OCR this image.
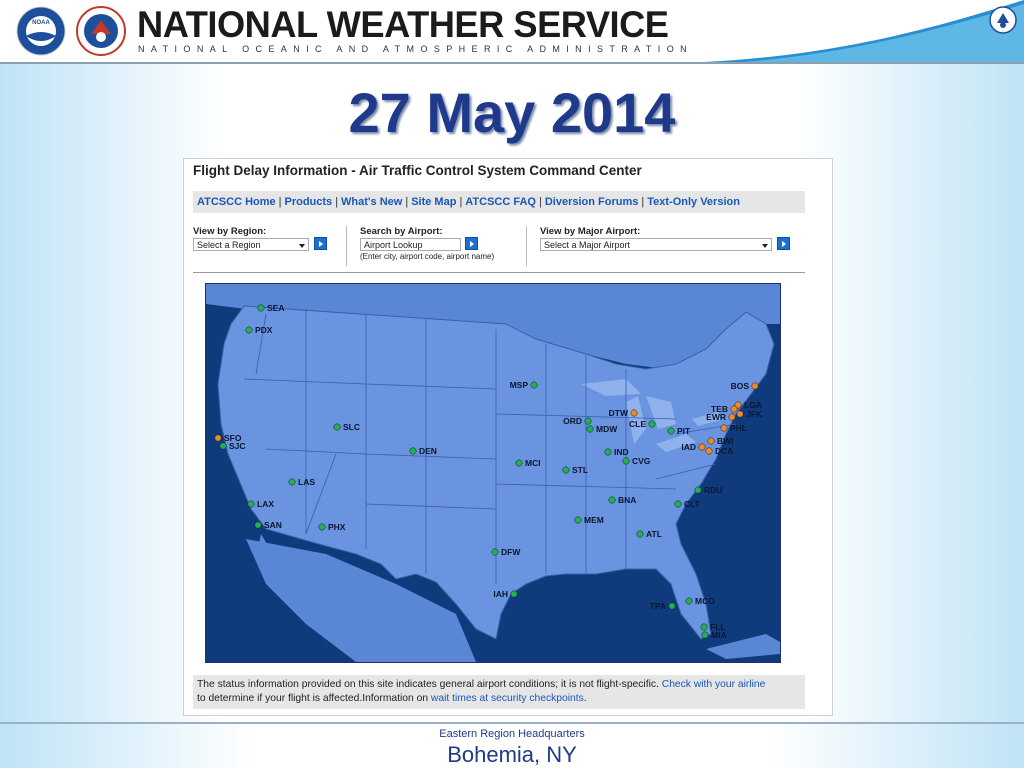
NOAA NATIONAL WEATHER SERVICE
NATIONAL OCEANIC AND ATMOSPHERIC ADMINISTRATION
27 May 2014
Flight Delay Information - Air Traffic Control System Command Center
ATCSCC Home | Products | What's New | Site Map | ATCSCC FAQ | Diversion Forums | Text-Only Version
View by Region:
Select a Region
Search by Airport:
Airport Lookup
(Enter city, airport code, airport name)
View by Major Airport:
Select a Major Airport
SEA
PDX
SFO
SJC
LAX
SAN
LAS
PHX
SLC
DEN
MSP
ORD
MDW
MCI
STL
DTW
CLE
IND
CVG
PIT
BOS
LGA
TEB JFK
EWR
PHL
BWI
IAD DCA
RDU
CLT
BNA
MEM
ATL
DFW
IAH
MCO
TPA
FLL
MIA
The status information provided on this site indicates general airport conditions; it is not flight-specific. Check with your airline
to determine if your flight is affected.Information on wait times at security checkpoints.
Eastern Region Headquarters
Bohemia, NY
